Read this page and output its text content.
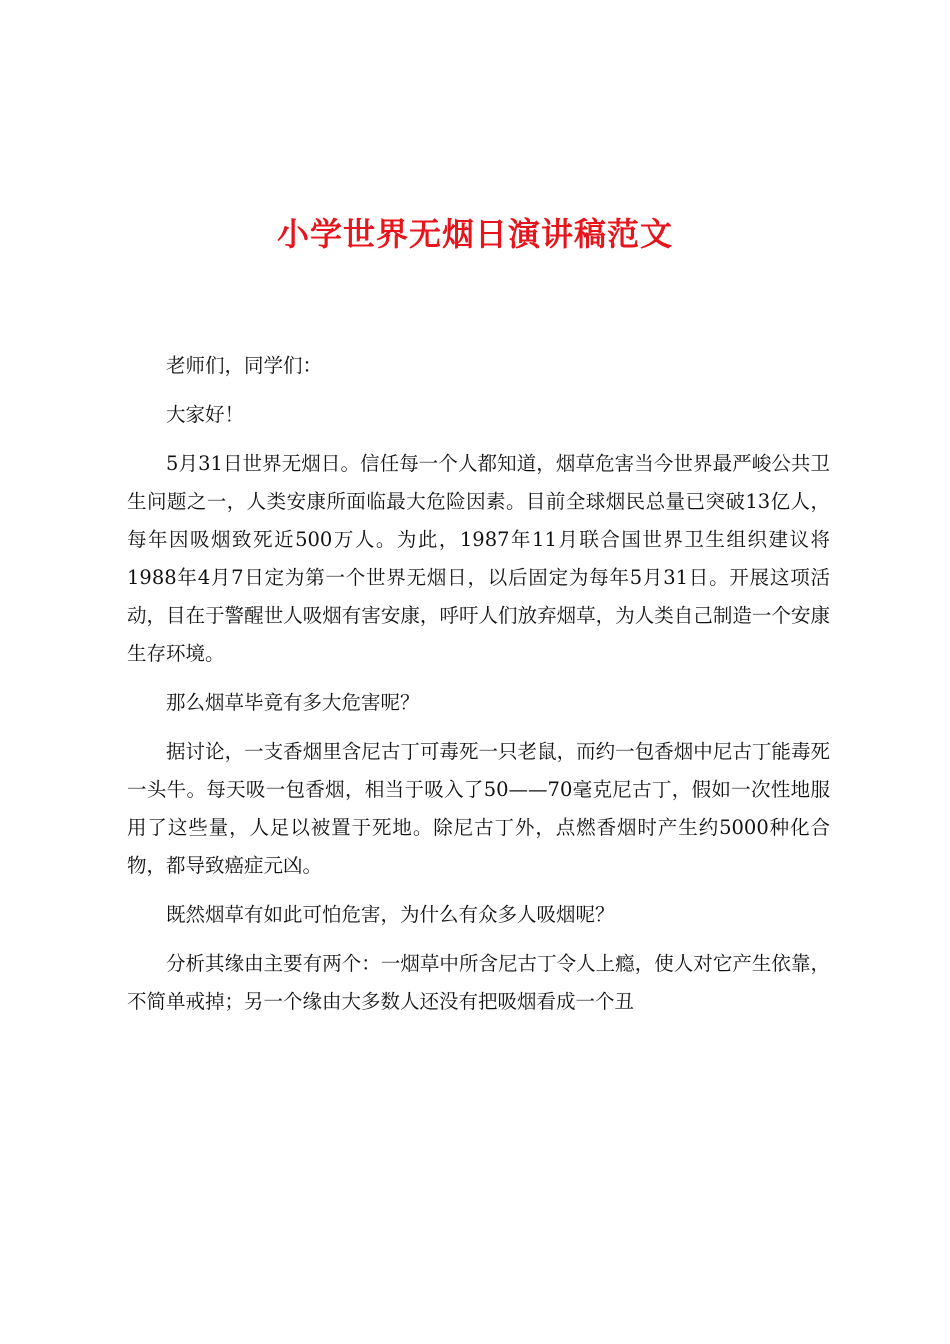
小学世界无烟日演讲稿范文

老师们，同学们：

大家好！

5月31日世界无烟日。信任每一个人都知道，烟草危害当今世界最严峻公共卫生问题之一，人类安康所面临最大危险因素。目前全球烟民总量已突破13亿人，每年因吸烟致死近500万人。为此，1987年11月联合国世界卫生组织建议将1988年4月7日定为第一个世界无烟日，以后固定为每年5月31日。开展这项活动，目在于警醒世人吸烟有害安康，呼吁人们放弃烟草，为人类自己制造一个安康生存环境。

那么烟草毕竟有多大危害呢？

据讨论，一支香烟里含尼古丁可毒死一只老鼠，而约一包香烟中尼古丁能毒死一头牛。每天吸一包香烟，相当于吸入了50——70毫克尼古丁，假如一次性地服用了这些量，人足以被置于死地。除尼古丁外，点燃香烟时产生约5000种化合物，都导致癌症元凶。

既然烟草有如此可怕危害，为什么有众多人吸烟呢？

分析其缘由主要有两个：一烟草中所含尼古丁令人上瘾，使人对它产生依靠，不简单戒掉；另一个缘由大多数人还没有把吸烟看成一个丑
